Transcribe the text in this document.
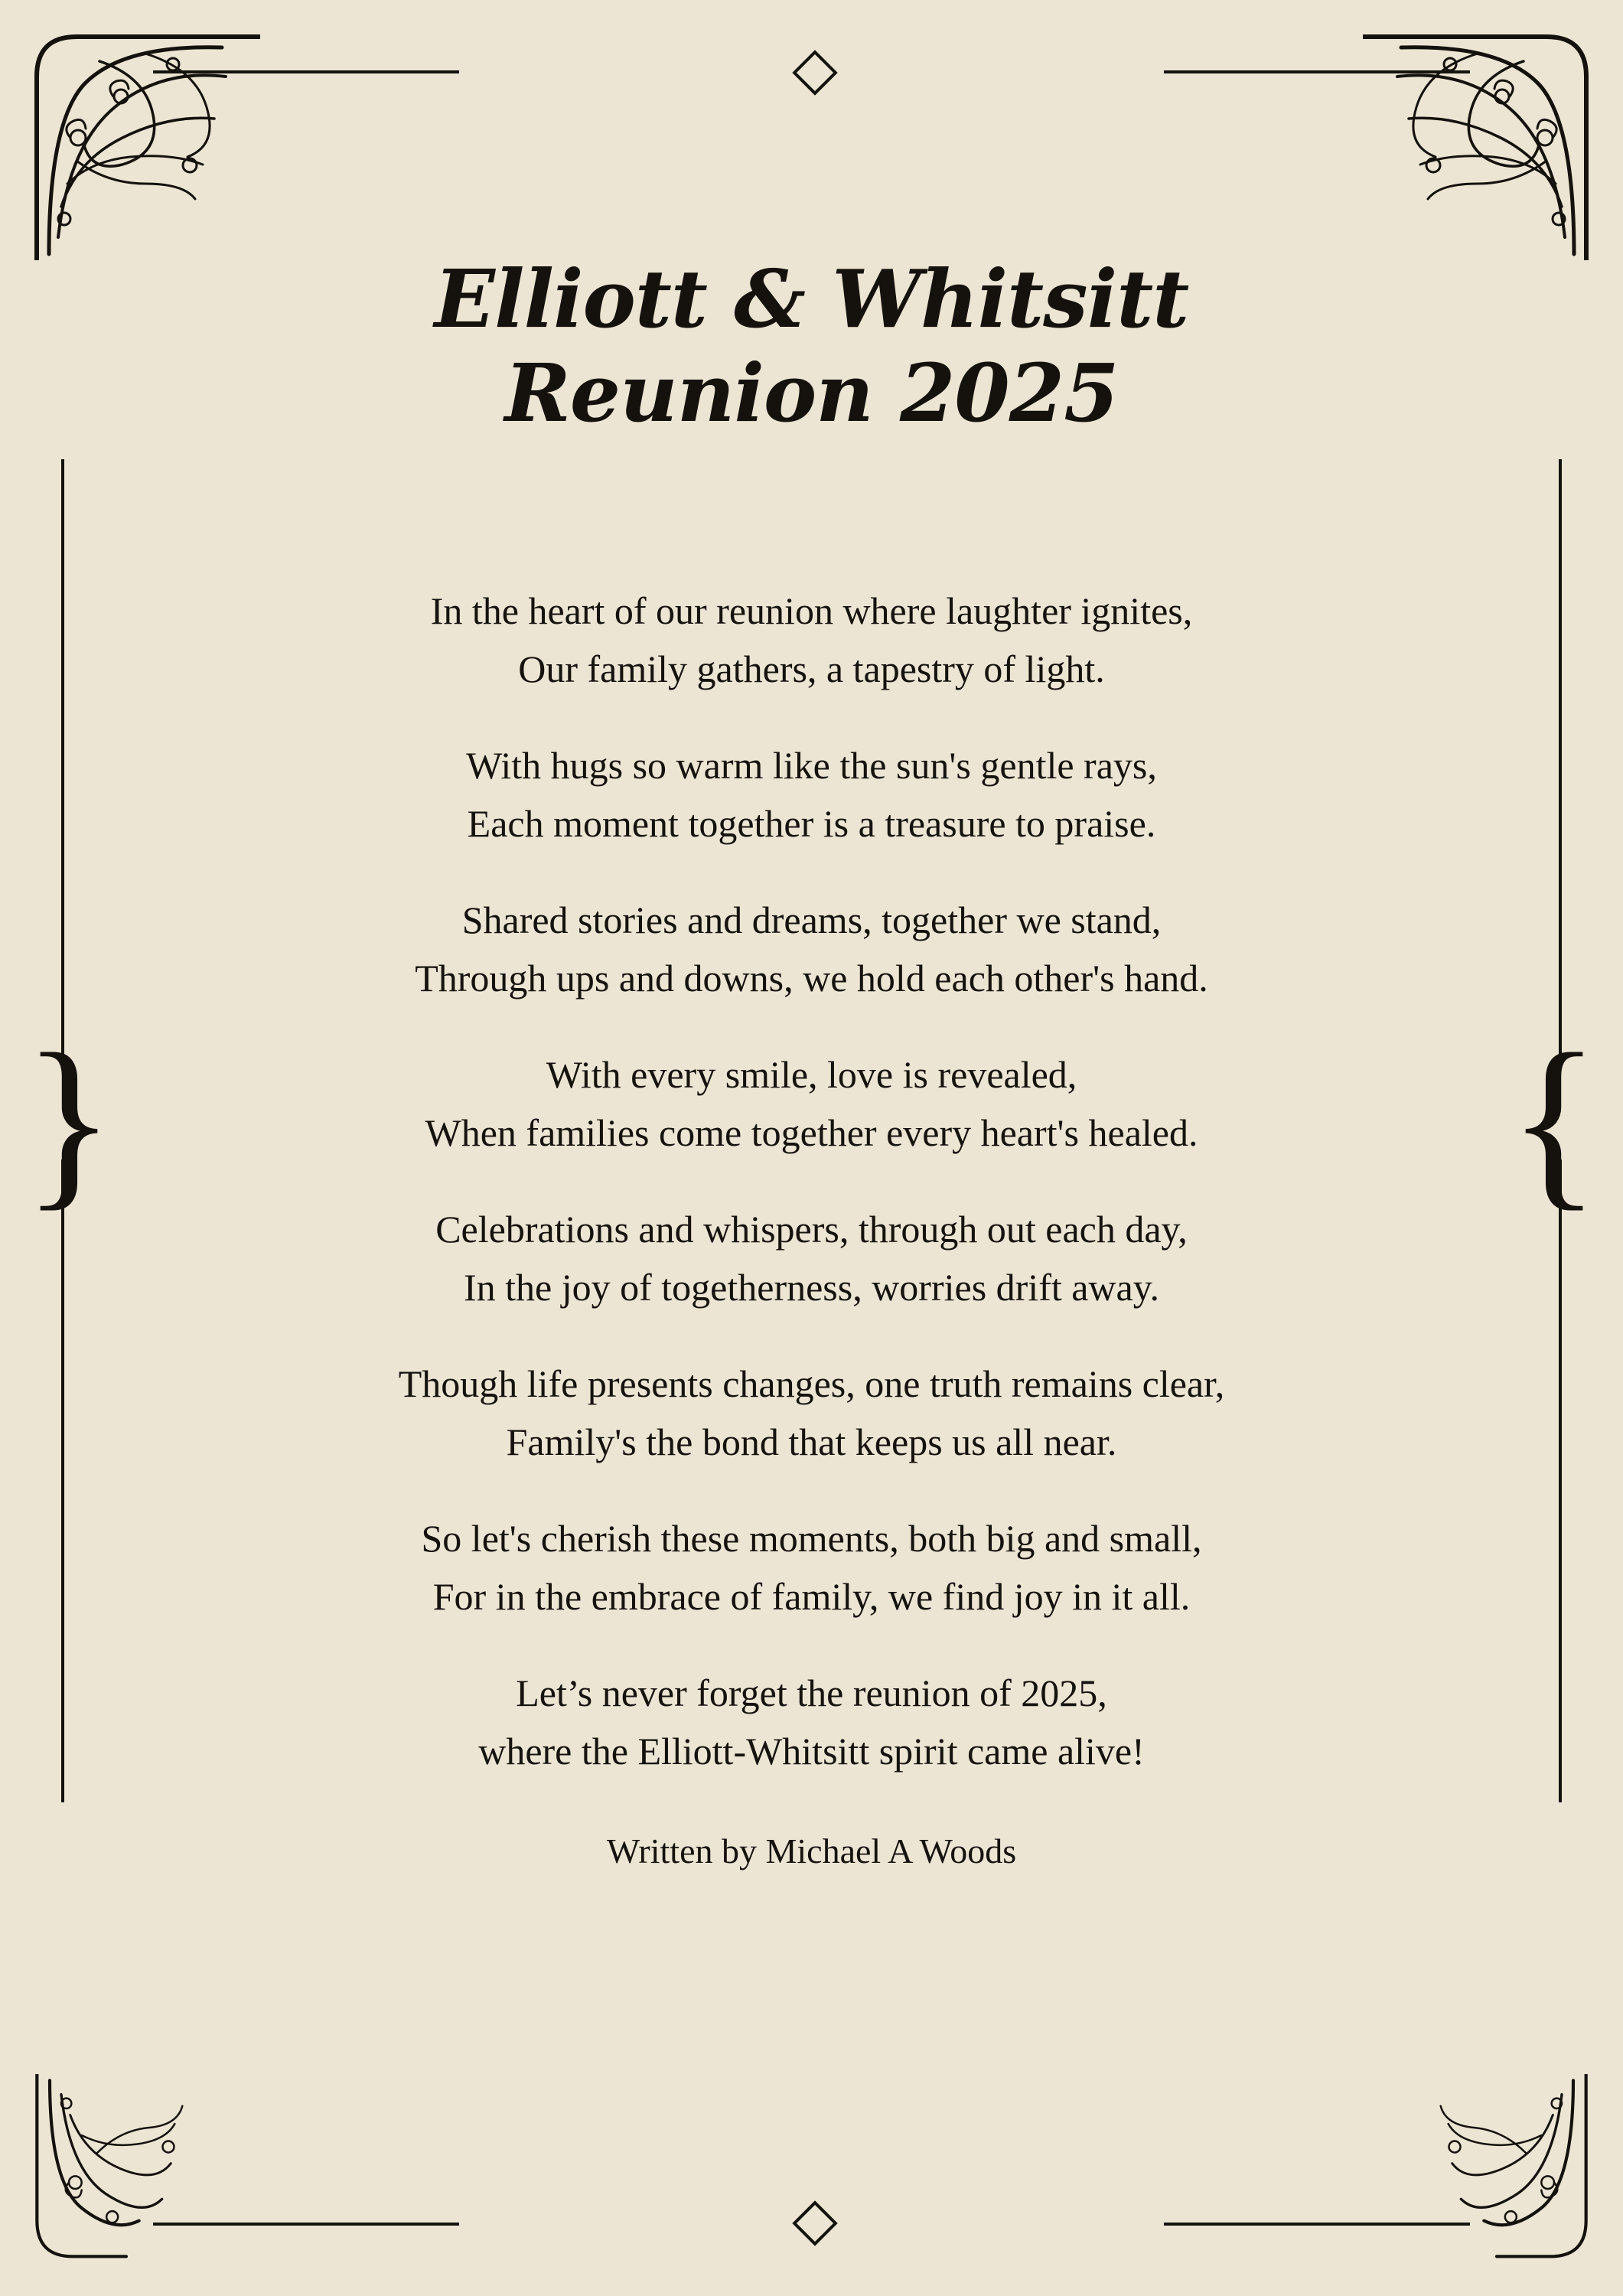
}	}
Elliott & Whitsitt
Reunion 2025
In the heart of our reunion where laughter ignites,
Our family gathers, a tapestry of light.
With hugs so warm like the sun's gentle rays,
Each moment together is a treasure to praise.
Shared stories and dreams, together we stand,
Through ups and downs, we hold each other's hand.
With every smile, love is revealed,
When families come together every heart's healed.
Celebrations and whispers, through out each day,
In the joy of togetherness, worries drift away.
Though life presents changes, one truth remains clear,
Family's the bond that keeps us all near.
So let's cherish these moments, both big and small,
For in the embrace of family, we find joy in it all.
Let’s never forget the reunion of 2025,
where the Elliott-Whitsitt spirit came alive!
Written by Michael A Woods
